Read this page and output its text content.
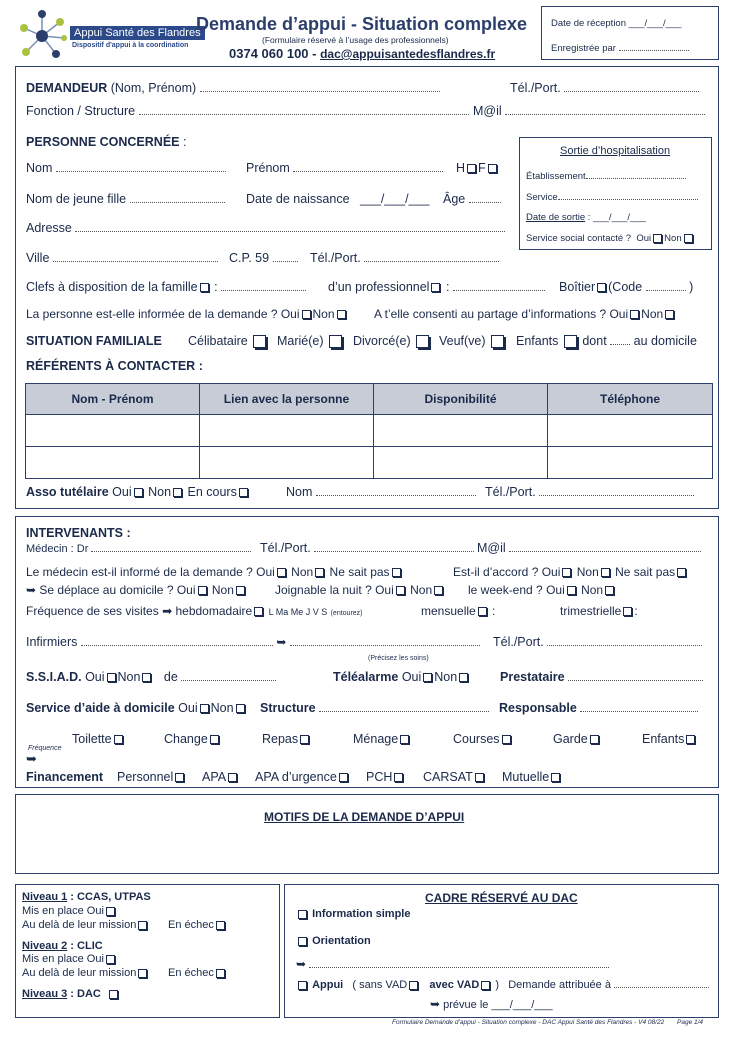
Appui Santé des Flandres
Dispositif d'appui à la coordination
Demande d’appui - Situation complexe
(Formulaire réservé à l’usage des professionnels)
0374 060 100 - dac@appuisantedesflandres.fr
Date de réception ___/___/___
Enregistrée par
DEMANDEUR (Nom, Prénom)	Tél./Port.
Fonction / Structure	M@il
PERSONNE CONCERNÉE :
Sortie d’hospitalisation
Établissement
Service
Date de sortie : ___/___/___
Service social contacté ? Oui Non
Nom	Prénom	H F
Nom de jeune fille	Date de naissance ___/___/___ Âge
Adresse
Ville	C.P. 59	Tél./Port.
Clefs à disposition de la famille :	d’un professionnel :	Boîtier (Code	)
La personne est-elle informée de la demande ? Oui Non	A t’elle consenti au partage d’informations ? Oui Non
SITUATION FAMILIALE Célibataire	Marié(e)	Divorcé(e)	Veuf(ve)	Enfants dont au domicile
RÉFÉRENTS À CONTACTER :
Nom - Prénom	Lien avec la personne	Disponibilité	Téléphone

Asso tutélaire Oui Non En cours	Nom	Tél./Port.
INTERVENANTS :
Médecin : Dr	Tél./Port.	M@il
Le médecin est-il informé de la demande ? Oui Non Ne sait pas	Est-il d’accord ? Oui Non Ne sait pas
➥ Se déplace au domicile ? Oui Non	Joignable la nuit ? Oui Non	le week-end ? Oui Non
Fréquence de ses visites ➡ hebdomadaire L Ma Me J V S (entourez)	mensuelle :	trimestrielle :
Infirmiers	➥	Tél./Port.
(Précisez les soins)
S.S.I.A.D. Oui Non de	Téléalarme Oui Non	Prestataire
Service d’aide à domicile Oui Non	Structure	Responsable
Toilette	Change	Repas	Ménage	Courses	Garde	Enfants
Fréquence
➥
Financement Personnel	APA	APA d’urgence	PCH	CARSAT	Mutuelle
MOTIFS DE LA DEMANDE D’APPUI
Niveau 1 : CCAS, UTPAS
Mis en place Oui
Au delà de leur mission	En échec
Niveau 2 : CLIC
Mis en place Oui
Au delà de leur mission	En échec
Niveau 3 : DAC
CADRE RÉSERVÉ AU DAC
Information simple
Orientation
➥
Appui ( sans VAD avec VAD ) Demande attribuée à
➥ prévue le ___/___/___
Formulaire Demande d’appui - Situation complexe - DAC Appui Santé des Flandres - V4 08/22 Page 1/4
